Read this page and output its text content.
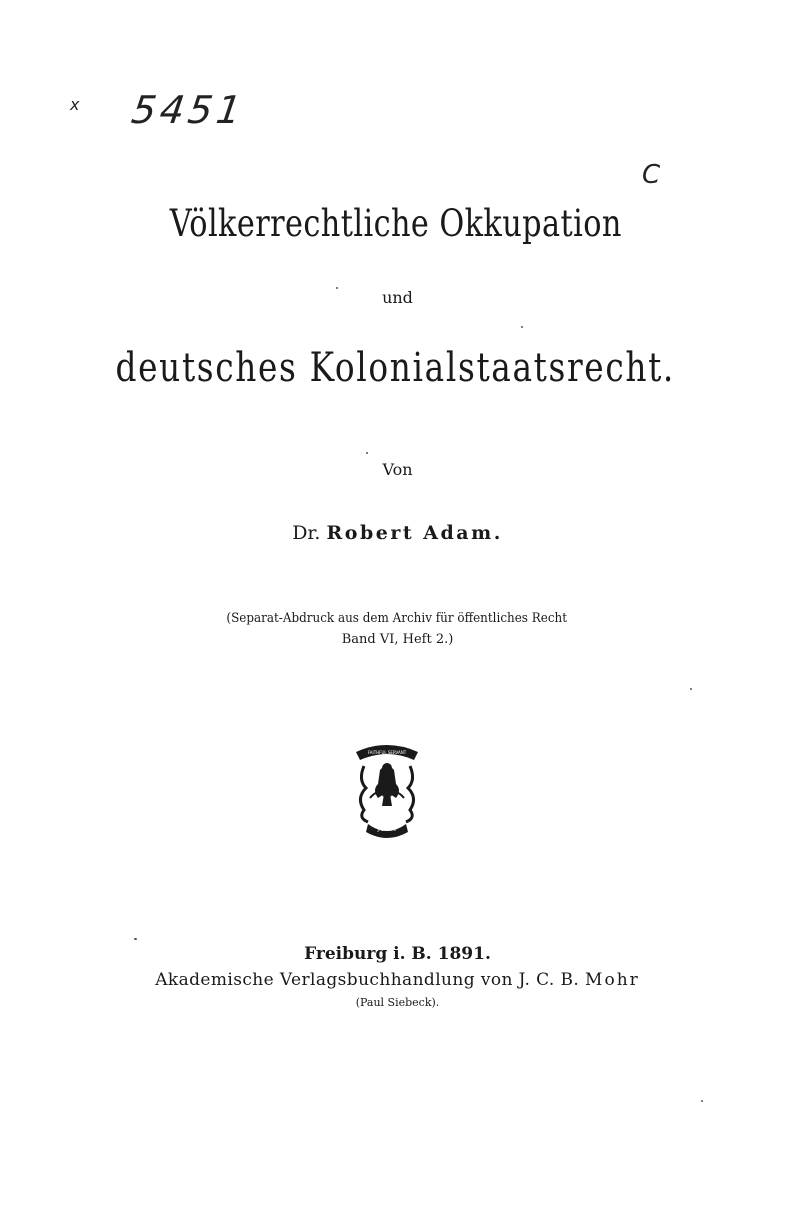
x 5451
C
Völkerrechtliche Okkupation
und
deutsches Kolonialstaatsrecht.
Von
Dr. Robert Adam.
(Separat-Abdruck aus dem Archiv für öffentliches Recht
Band VI, Heft 2.)
FAITHFUL SERVANT
J.C.B.M.
Freiburg i. B. 1891.
Akademische Verlagsbuchhandlung von J. C. B. Mohr
(Paul Siebeck).
